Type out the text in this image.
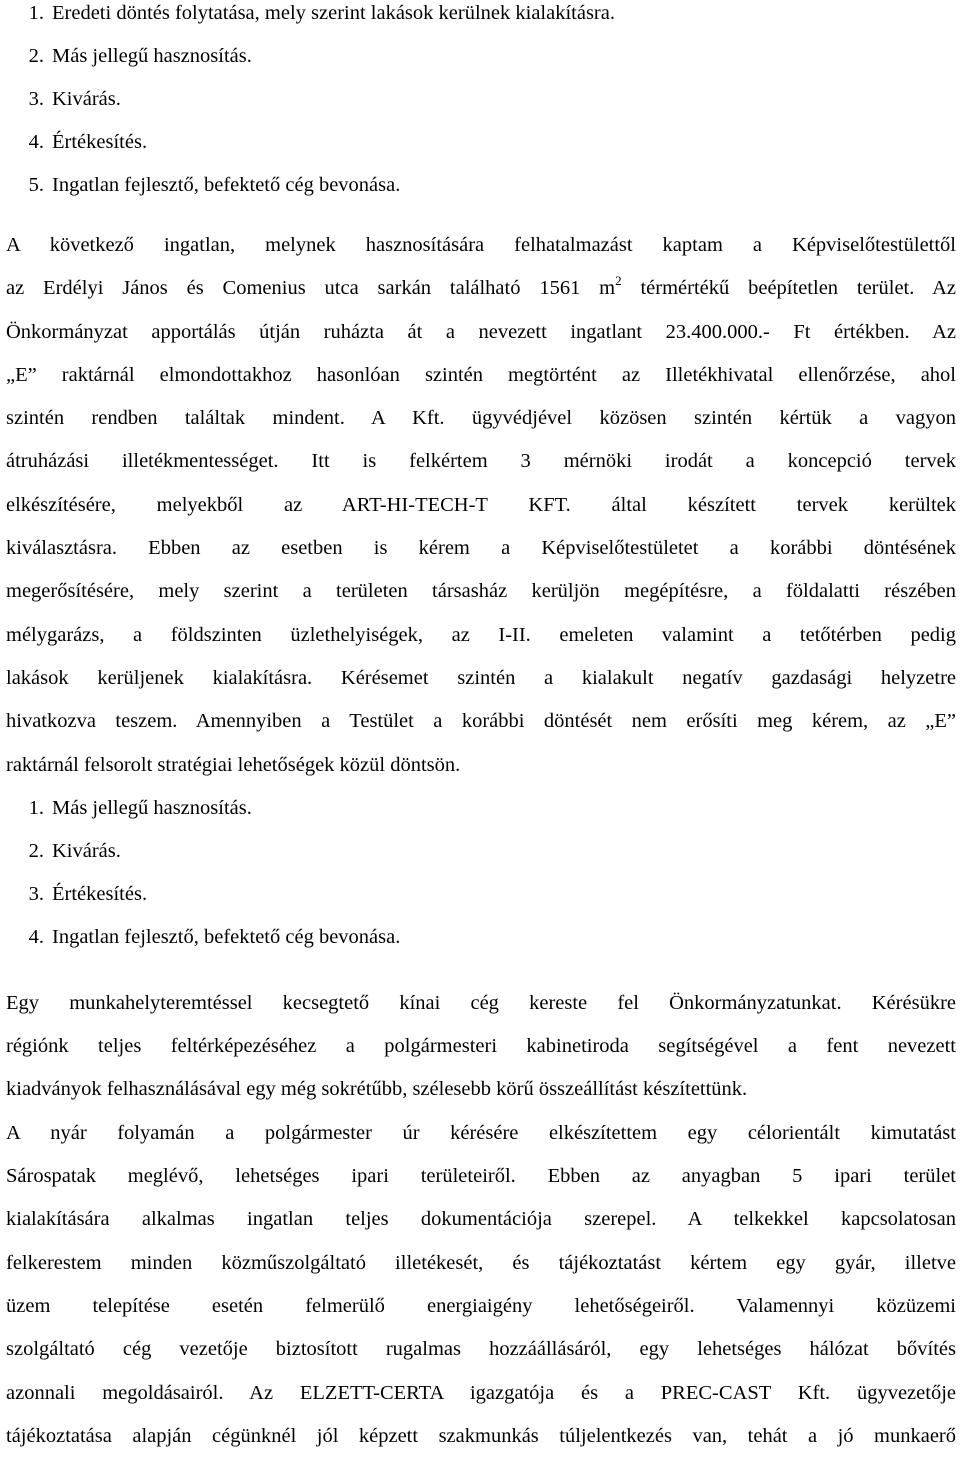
1. Eredeti döntés folytatása, mely szerint lakások kerülnek kialakításra.
2. Más jellegű hasznosítás.
3. Kivárás.
4. Értékesítés.
5. Ingatlan fejlesztő, befektető cég bevonása.
A következő ingatlan, melynek hasznosítására felhatalmazást kaptam a Képviselőtestülettől
az Erdélyi János és Comenius utca sarkán található 1561 $m^2$ térmértékű beépítetlen terület. Az
Önkormányzat apportálás útján ruházta át a nevezett ingatlant 23.400.000.- Ft értékben. Az
„E” raktárnál elmondottakhoz hasonlóan szintén megtörtént az Illetékhivatal ellenőrzése, ahol
szintén rendben találtak mindent. A Kft. ügyvédjével közösen szintén kértük a vagyon
átruházási illetékmentességet. Itt is felkértem 3 mérnöki irodát a koncepció tervek
elkészítésére, melyekből az ART-HI-TECH-T KFT. által készített tervek kerültek
kiválasztásra. Ebben az esetben is kérem a Képviselőtestületet a korábbi döntésének
megerősítésére, mely szerint a területen társasház kerüljön megépítésre, a földalatti részében
mélygarázs, a földszinten üzlethelyiségek, az I-II. emeleten valamint a tetőtérben pedig
lakások kerüljenek kialakításra. Kérésemet szintén a kialakult negatív gazdasági helyzetre
hivatkozva teszem. Amennyiben a Testület a korábbi döntését nem erősíti meg kérem, az „E”
raktárnál felsorolt stratégiai lehetőségek közül döntsön.
1. Más jellegű hasznosítás.
2. Kivárás.
3. Értékesítés.
4. Ingatlan fejlesztő, befektető cég bevonása.
Egy munkahelyteremtéssel kecsegtető kínai cég kereste fel Önkormányzatunkat. Kérésükre
régiónk teljes feltérképezéséhez a polgármesteri kabinetiroda segítségével a fent nevezett
kiadványok felhasználásával egy még sokrétűbb, szélesebb körű összeállítást készítettünk.
A nyár folyamán a polgármester úr kérésére elkészítettem egy célorientált kimutatást
Sárospatak meglévő, lehetséges ipari területeiről. Ebben az anyagban 5 ipari terület
kialakítására alkalmas ingatlan teljes dokumentációja szerepel. A telkekkel kapcsolatosan
felkerestem minden közműszolgáltató illetékesét, és tájékoztatást kértem egy gyár, illetve
üzem telepítése esetén felmerülő energiaigény lehetőségeiről. Valamennyi közüzemi
szolgáltató cég vezetője biztosított rugalmas hozzáállásáról, egy lehetséges hálózat bővítés
azonnali megoldásairól. Az ELZETT-CERTA igazgatója és a PREC-CAST Kft. ügyvezetője
tájékoztatása alapján cégünknél jól képzett szakmunkás túljelentkezés van, tehát a jó munkaerő
